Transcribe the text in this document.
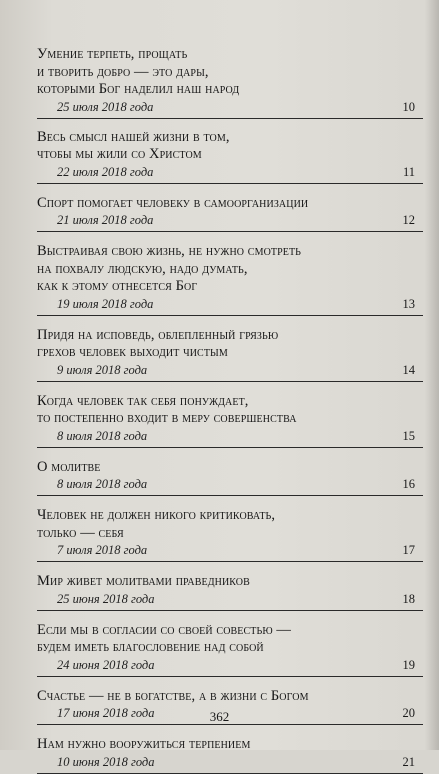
Умение терпеть, прощать
и творить добро — это дары,
которыми Бог наделил наш народ
25 июля 2018 года	10
Весь смысл нашей жизни в том,
чтобы мы жили со Христом
22 июля 2018 года	11
Спорт помогает человеку в самоорганизации
21 июля 2018 года	12
Выстраивая свою жизнь, не нужно смотреть
на похвалу людскую, надо думать,
как к этому отнесется Бог
19 июля 2018 года	13
Придя на исповедь, облепленный грязью
грехов человек выходит чистым
9 июля 2018 года	14
Когда человек так себя понуждает,
то постепенно входит в меру совершенства
8 июля 2018 года	15
О молитве
8 июля 2018 года	16
Человек не должен никого критиковать,
только — себя
7 июля 2018 года	17
Мир живет молитвами праведников
25 июня 2018 года	18
Если мы в согласии со своей совестью —
будем иметь благословение над собой
24 июня 2018 года	19
Счастье — не в богатстве, а в жизни с Богом
17 июня 2018 года	20
Нам нужно вооружиться терпением
10 июня 2018 года	21
362
